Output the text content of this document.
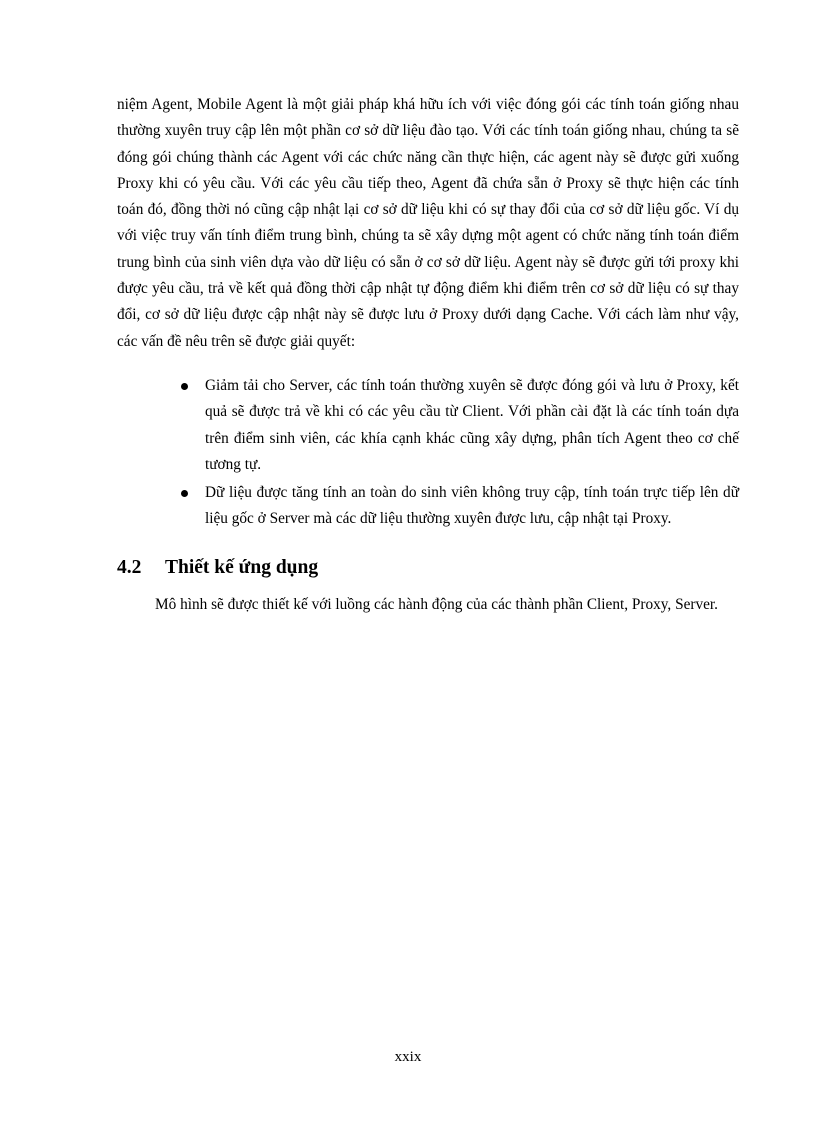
niệm Agent, Mobile Agent là một giải pháp khá hữu ích với việc đóng gói các tính toán giống nhau thường xuyên truy cập lên một phần cơ sở dữ liệu đào tạo. Với các tính toán giống nhau, chúng ta sẽ đóng gói chúng thành các Agent với các chức năng cần thực hiện, các agent này sẽ được gửi xuống Proxy khi có yêu cầu. Với các yêu cầu tiếp theo, Agent đã chứa sẵn ở Proxy sẽ thực hiện các tính toán đó, đồng thời nó cũng cập nhật lại cơ sở dữ liệu khi có sự thay đổi của cơ sở dữ liệu gốc. Ví dụ với việc truy vấn tính điểm trung bình, chúng ta sẽ xây dựng một agent có chức năng tính toán điểm trung bình của sinh viên dựa vào dữ liệu có sẵn ở cơ sở dữ liệu. Agent này sẽ được gửi tới proxy khi được yêu cầu, trả về kết quả đồng thời cập nhật tự động điểm khi điểm trên cơ sở dữ liệu có sự thay đổi, cơ sở dữ liệu được cập nhật này sẽ được lưu ở Proxy dưới dạng Cache. Với cách làm như vậy, các vấn đề nêu trên sẽ được giải quyết:

Giảm tải cho Server, các tính toán thường xuyên sẽ được đóng gói và lưu ở Proxy, kết quả sẽ được trả về khi có các yêu cầu từ Client. Với phần cài đặt là các tính toán dựa trên điểm sinh viên, các khía cạnh khác cũng xây dựng, phân tích Agent theo cơ chế tương tự.
Dữ liệu được tăng tính an toàn do sinh viên không truy cập, tính toán trực tiếp lên dữ liệu gốc ở Server mà các dữ liệu thường xuyên được lưu, cập nhật tại Proxy.
4.2 Thiết kế ứng dụng

Mô hình sẽ được thiết kế với luồng các hành động của các thành phần Client, Proxy, Server.

xxix
